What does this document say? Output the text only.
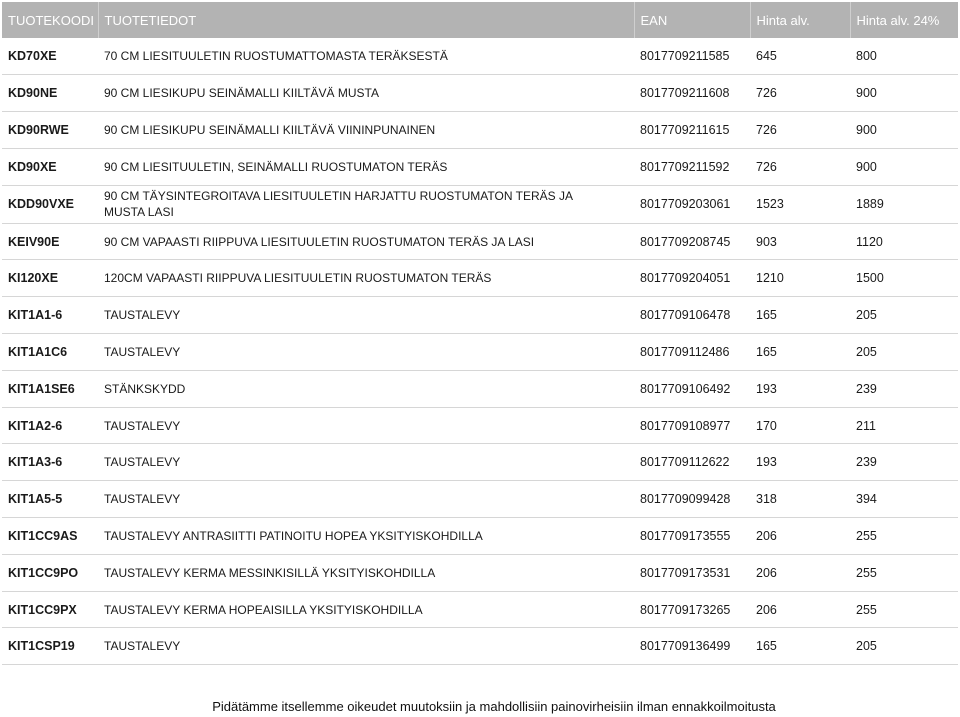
TUOTEKOODI	TUOTETIEDOT	EAN	Hinta alv.	Hinta alv. 24%
KD70XE	70 CM LIESITUULETIN RUOSTUMATTOMASTA TERÄKSESTÄ	8017709211585	645	800
KD90NE	90 CM LIESIKUPU SEINÄMALLI KIILTÄVÄ MUSTA	8017709211608	726	900
KD90RWE	90 CM LIESIKUPU SEINÄMALLI KIILTÄVÄ VIININPUNAINEN	8017709211615	726	900
KD90XE	90 CM LIESITUULETIN, SEINÄMALLI RUOSTUMATON TERÄS	8017709211592	726	900
KDD90VXE	90 CM TÄYSINTEGROITAVA LIESITUULETIN HARJATTU RUOSTUMATON TERÄS JA MUSTA LASI	8017709203061	1523	1889
KEIV90E	90 CM VAPAASTI RIIPPUVA LIESITUULETIN RUOSTUMATON TERÄS JA LASI	8017709208745	903	1120
KI120XE	120CM VAPAASTI RIIPPUVA LIESITUULETIN RUOSTUMATON TERÄS	8017709204051	1210	1500
KIT1A1-6	TAUSTALEVY	8017709106478	165	205
KIT1A1C6	TAUSTALEVY	8017709112486	165	205
KIT1A1SE6	STÄNKSKYDD	8017709106492	193	239
KIT1A2-6	TAUSTALEVY	8017709108977	170	211
KIT1A3-6	TAUSTALEVY	8017709112622	193	239
KIT1A5-5	TAUSTALEVY	8017709099428	318	394
KIT1CC9AS	TAUSTALEVY ANTRASIITTI PATINOITU HOPEA YKSITYISKOHDILLA	8017709173555	206	255
KIT1CC9PO	TAUSTALEVY KERMA MESSINKISILLÄ YKSITYISKOHDILLA	8017709173531	206	255
KIT1CC9PX	TAUSTALEVY KERMA HOPEAISILLA YKSITYISKOHDILLA	8017709173265	206	255
KIT1CSP19	TAUSTALEVY	8017709136499	165	205
Pidätämme itsellemme oikeudet muutoksiin ja mahdollisiin painovirheisiin ilman ennakkoilmoitusta
